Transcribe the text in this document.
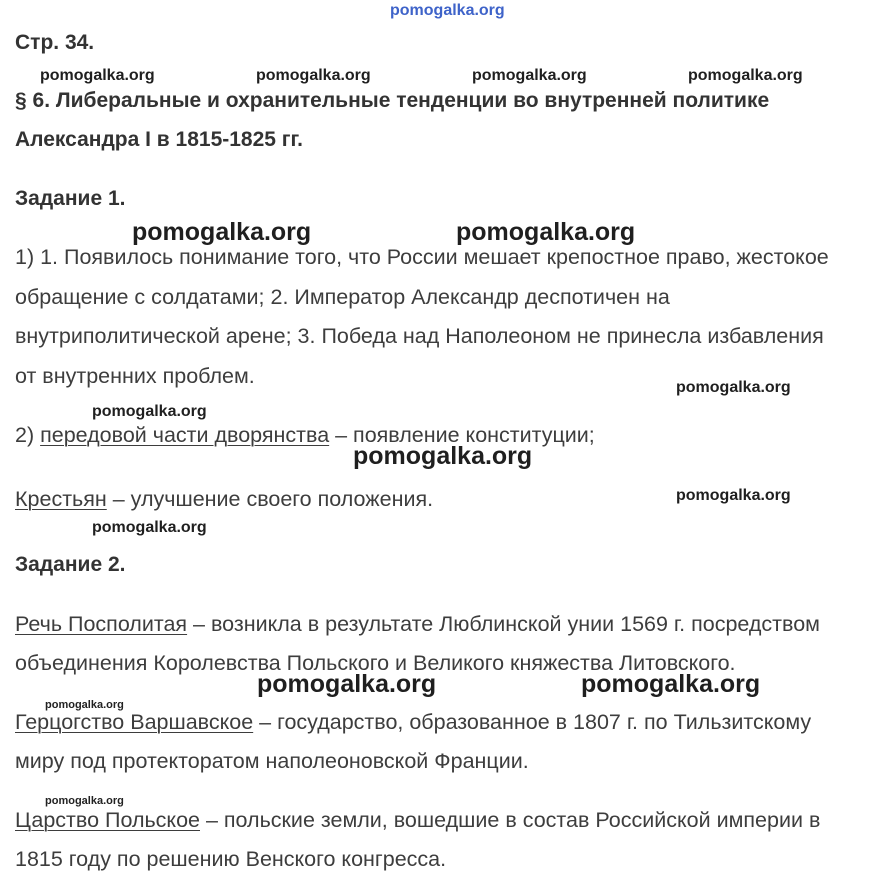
pomogalka.org
Стр. 34.
pomogalka.org	pomogalka.org	pomogalka.org	pomogalka.org
§ 6. Либеральные и охранительные тенденции во внутренней политике
Александра I в 1815-1825 гг.
Задание 1.
pomogalka.org	pomogalka.org
1) 1. Появилось понимание того, что России мешает крепостное право, жестокое
обращение с солдатами; 2. Император Александр деспотичен на
внутриполитической арене; 3. Победа над Наполеоном не принесла избавления
от внутренних проблем.	pomogalka.org
pomogalka.org
2) передовой части дворянства – появление конституции;
pomogalka.org
Крестьян – улучшение своего положения.	pomogalka.org
pomogalka.org
Задание 2.
Речь Посполитая – возникла в результате Люблинской унии 1569 г. посредством
объединения Королевства Польского и Великого княжества Литовского.
pomogalka.org	pomogalka.org
pomogalka.org
Герцогство Варшавское – государство, образованное в 1807 г. по Тильзитскому
миру под протекторатом наполеоновской Франции.
pomogalka.org
Царство Польское – польские земли, вошедшие в состав Российской империи в
1815 году по решению Венского конгресса.
